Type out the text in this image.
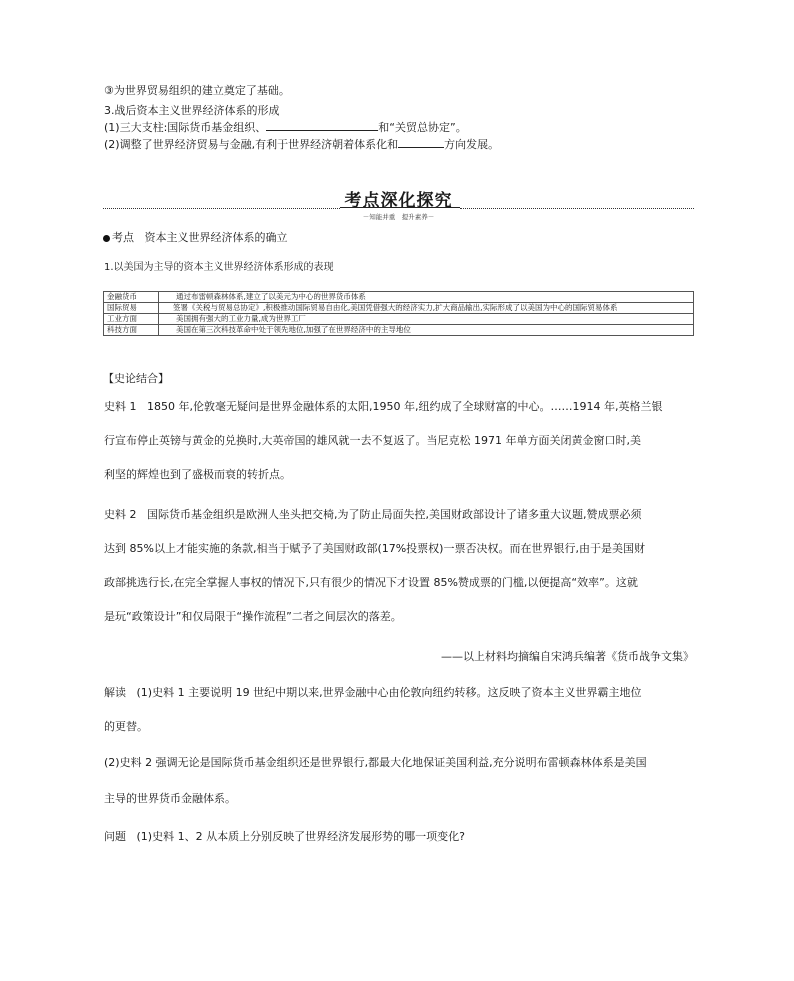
③为世界贸易组织的建立奠定了基础。
3.战后资本主义世界经济体系的形成
(1)三大支柱:国际货币基金组织、	和“关贸总协定”。
(2)调整了世界经济贸易与金融,有利于世界经济朝着体系化和	方向发展。
考点深化探究
－知能并重　提升素养－
考点 资本主义世界经济体系的确立
1.以美国为主导的资本主义世界经济体系形成的表现
金融货币	通过布雷顿森林体系,建立了以美元为中心的世界货币体系
国际贸易	签署《关税与贸易总协定》,积极推动国际贸易自由化,美国凭借强大的经济实力,扩大商品输出,实际形成了以美国为中心的国际贸易体系
工业方面	美国拥有强大的工业力量,成为世界工厂
科技方面	美国在第三次科技革命中处于领先地位,加强了在世界经济中的主导地位
【史论结合】
史料 1 1850 年,伦敦毫无疑问是世界金融体系的太阳,1950 年,纽约成了全球财富的中心。……1914 年,英格兰银
行宣布停止英镑与黄金的兑换时,大英帝国的雄风就一去不复返了。当尼克松 1971 年单方面关闭黄金窗口时,美
利坚的辉煌也到了盛极而衰的转折点。
史料 2 国际货币基金组织是欧洲人坐头把交椅,为了防止局面失控,美国财政部设计了诸多重大议题,赞成票必须
达到 85%以上才能实施的条款,相当于赋予了美国财政部(17%投票权)一票否决权。而在世界银行,由于是美国财
政部挑选行长,在完全掌握人事权的情况下,只有很少的情况下才设置 85%赞成票的门槛,以便提高“效率”。这就
是玩“政策设计”和仅局限于“操作流程”二者之间层次的落差。
——以上材料均摘编自宋鸿兵编著《货币战争文集》
解读 (1)史料 1 主要说明 19 世纪中期以来,世界金融中心由伦敦向纽约转移。这反映了资本主义世界霸主地位
的更替。
(2)史料 2 强调无论是国际货币基金组织还是世界银行,都最大化地保证美国利益,充分说明布雷顿森林体系是美国
主导的世界货币金融体系。
问题 (1)史料 1、2 从本质上分别反映了世界经济发展形势的哪一项变化?
